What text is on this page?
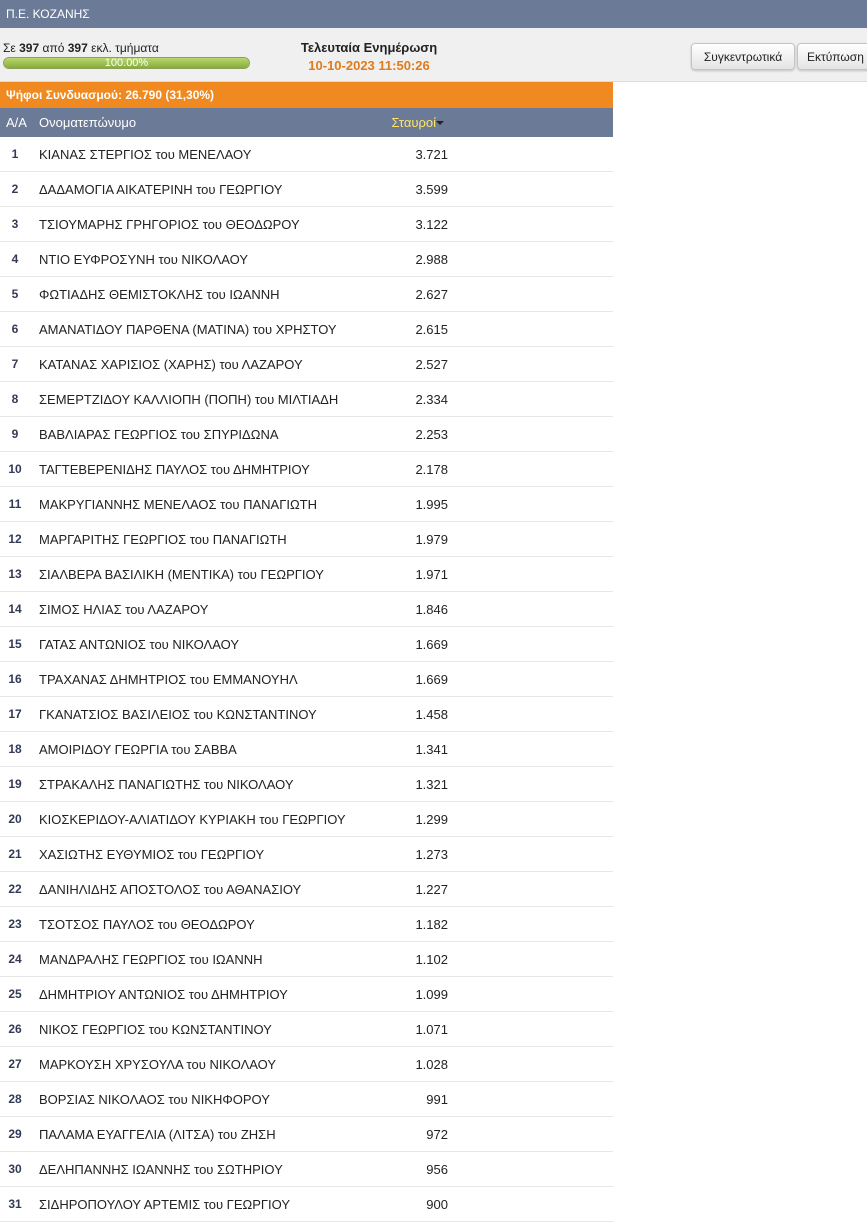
Π.Ε. ΚΟΖΑΝΗΣ
Σε 397 από 397 εκλ. τμήματα
100.00%
Τελευταία Ενημέρωση
10-10-2023 11:50:26
Συγκεντρωτικά	Εκτύπωση
Ψήφοι Συνδυασμού: 26.790 (31,30%)
Α/Α Ονοματεπώνυμο	Σταυροί
1	ΚΙΑΝΑΣ ΣΤΕΡΓΙΟΣ του ΜΕΝΕΛΑΟΥ	3.721
2	ΔΑΔΑΜΟΓΙΑ ΑΙΚΑΤΕΡΙΝΗ του ΓΕΩΡΓΙΟΥ	3.599
3	ΤΣΙΟΥΜΑΡΗΣ ΓΡΗΓΟΡΙΟΣ του ΘΕΟΔΩΡΟΥ	3.122
4	ΝΤΙΟ ΕΥΦΡΟΣΥΝΗ του ΝΙΚΟΛΑΟΥ	2.988
5	ΦΩΤΙΑΔΗΣ ΘΕΜΙΣΤΟΚΛΗΣ του ΙΩΑΝΝΗ	2.627
6	ΑΜΑΝΑΤΙΔΟΥ ΠΑΡΘΕΝΑ (ΜΑΤΙΝΑ) του ΧΡΗΣΤΟΥ	2.615
7	ΚΑΤΑΝΑΣ ΧΑΡΙΣΙΟΣ (ΧΑΡΗΣ) του ΛΑΖΑΡΟΥ	2.527
8	ΣΕΜΕΡΤΖΙΔΟΥ ΚΑΛΛΙΟΠΗ (ΠΟΠΗ) του ΜΙΛΤΙΑΔΗ	2.334
9	ΒΑΒΛΙΑΡΑΣ ΓΕΩΡΓΙΟΣ του ΣΠΥΡΙΔΩΝΑ	2.253
10	ΤΑΓΤΕΒΕΡΕΝΙΔΗΣ ΠΑΥΛΟΣ του ΔΗΜΗΤΡΙΟΥ	2.178
11	ΜΑΚΡΥΓΙΑΝΝΗΣ ΜΕΝΕΛΑΟΣ του ΠΑΝΑΓΙΩΤΗ	1.995
12	ΜΑΡΓΑΡΙΤΗΣ ΓΕΩΡΓΙΟΣ του ΠΑΝΑΓΙΩΤΗ	1.979
13	ΣΙΑΛΒΕΡΑ ΒΑΣΙΛΙΚΗ (ΜΕΝΤΙΚΑ) του ΓΕΩΡΓΙΟΥ	1.971
14	ΣΙΜΟΣ ΗΛΙΑΣ του ΛΑΖΑΡΟΥ	1.846
15	ΓΑΤΑΣ ΑΝΤΩΝΙΟΣ του ΝΙΚΟΛΑΟΥ	1.669
16	ΤΡΑΧΑΝΑΣ ΔΗΜΗΤΡΙΟΣ του ΕΜΜΑΝΟΥΗΛ	1.669
17	ΓΚΑΝΑΤΣΙΟΣ ΒΑΣΙΛΕΙΟΣ του ΚΩΝΣΤΑΝΤΙΝΟΥ	1.458
18	ΑΜΟΙΡΙΔΟΥ ΓΕΩΡΓΙΑ του ΣΑΒΒΑ	1.341
19	ΣΤΡΑΚΑΛΗΣ ΠΑΝΑΓΙΩΤΗΣ του ΝΙΚΟΛΑΟΥ	1.321
20	ΚΙΟΣΚΕΡΙΔΟΥ-ΑΛΙΑΤΙΔΟΥ ΚΥΡΙΑΚΗ του ΓΕΩΡΓΙΟΥ	1.299
21	ΧΑΣΙΩΤΗΣ ΕΥΘΥΜΙΟΣ του ΓΕΩΡΓΙΟΥ	1.273
22	ΔΑΝΙΗΛΙΔΗΣ ΑΠΟΣΤΟΛΟΣ του ΑΘΑΝΑΣΙΟΥ	1.227
23	ΤΣΟΤΣΟΣ ΠΑΥΛΟΣ του ΘΕΟΔΩΡΟΥ	1.182
24	ΜΑΝΔΡΑΛΗΣ ΓΕΩΡΓΙΟΣ του ΙΩΑΝΝΗ	1.102
25	ΔΗΜΗΤΡΙΟΥ ΑΝΤΩΝΙΟΣ του ΔΗΜΗΤΡΙΟΥ	1.099
26	ΝΙΚΟΣ ΓΕΩΡΓΙΟΣ του ΚΩΝΣΤΑΝΤΙΝΟΥ	1.071
27	ΜΑΡΚΟΥΣΗ ΧΡΥΣΟΥΛΑ του ΝΙΚΟΛΑΟΥ	1.028
28	ΒΟΡΣΙΑΣ ΝΙΚΟΛΑΟΣ του ΝΙΚΗΦΟΡΟΥ	991
29	ΠΑΛΑΜΑ ΕΥΑΓΓΕΛΙΑ (ΛΙΤΣΑ) του ΖΗΣΗ	972
30	ΔΕΛΗΠΑΝΝΗΣ ΙΩΑΝΝΗΣ του ΣΩΤΗΡΙΟΥ	956
31	ΣΙΔΗΡΟΠΟΥΛΟΥ ΑΡΤΕΜΙΣ του ΓΕΩΡΓΙΟΥ	900
